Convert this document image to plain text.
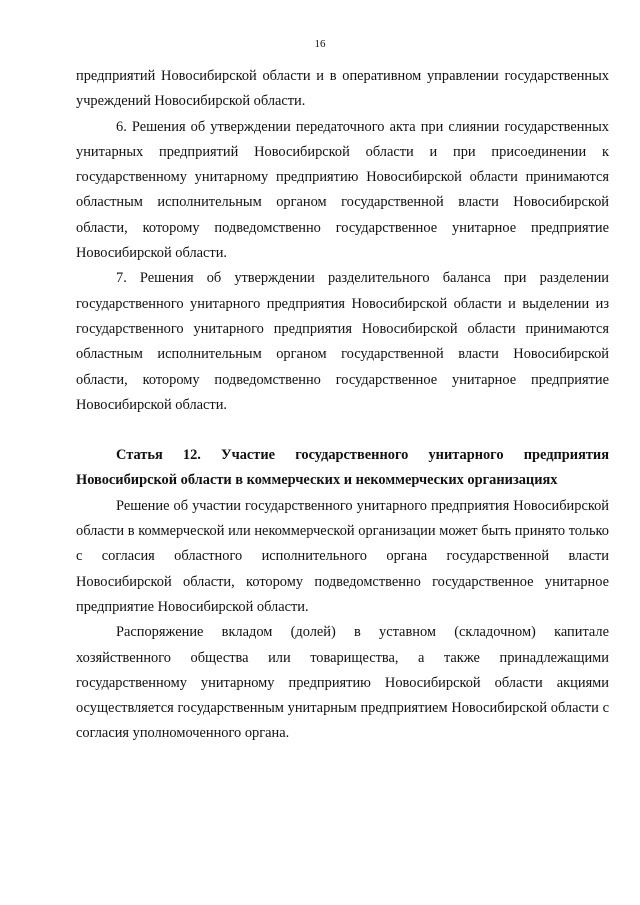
16

предприятий Новосибирской области и в оперативном управлении государственных учреждений Новосибирской области.

6. Решения об утверждении передаточного акта при слиянии государственных унитарных предприятий Новосибирской области и при присоединении к государственному унитарному предприятию Новосибирской области принимаются областным исполнительным органом государственной власти Новосибирской области, которому подведомственно государственное унитарное предприятие Новосибирской области.

7. Решения об утверждении разделительного баланса при разделении государственного унитарного предприятия Новосибирской области и выделении из государственного унитарного предприятия Новосибирской области принимаются областным исполнительным органом государственной власти Новосибирской области, которому подведомственно государственное унитарное предприятие Новосибирской области.

Статья 12. Участие государственного унитарного предприятия Новосибирской области в коммерческих и некоммерческих организациях

Решение об участии государственного унитарного предприятия Новосибирской области в коммерческой или некоммерческой организации может быть принято только с согласия областного исполнительного органа государственной власти Новосибирской области, которому подведомственно государственное унитарное предприятие Новосибирской области.

Распоряжение вкладом (долей) в уставном (складочном) капитале хозяйственного общества или товарищества, а также принадлежащими государственному унитарному предприятию Новосибирской области акциями осуществляется государственным унитарным предприятием Новосибирской области с согласия уполномоченного органа.
